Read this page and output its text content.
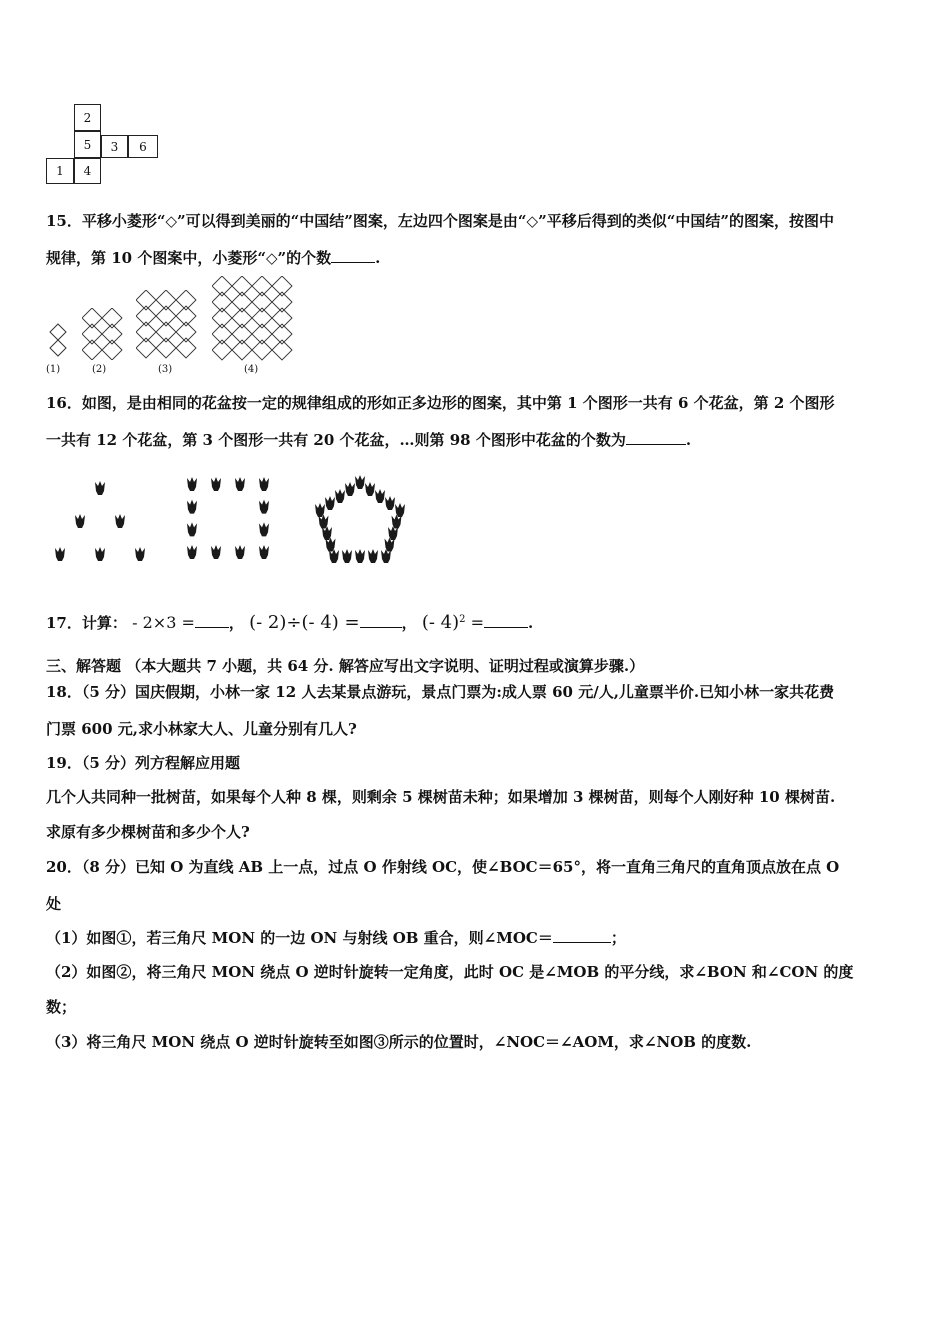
2
5	3	6
1	4
15．平移小菱形“◇”可以得到美丽的“中国结”图案，左边四个图案是由“◇”平移后得到的类似“中国结”的图案，按图中
规律，第 10 个图案中，小菱形“◇”的个数	.
(1)	(2)	(3)	(4)
16．如图，是由相同的花盆按一定的规律组成的形如正多边形的图案，其中第 1 个图形一共有 6 个花盆，第 2 个图形
一共有 12 个花盆，第 3 个图形一共有 20 个花盆，…则第 98 个图形中花盆的个数为	.
17．计算： - 2×3 = ， (- 2)÷(- 4) =	， (- 4)$^2$ =	.
三、解答题 （本大题共 7 小题，共 64 分. 解答应写出文字说明、证明过程或演算步骤.）
18．（5 分）国庆假期，小林一家 12 人去某景点游玩，景点门票为:成人票 60 元/人,儿童票半价.已知小林一家共花费
门票 600 元,求小林家大人、儿童分别有几人?
19．（5 分）列方程解应用题
几个人共同种一批树苗，如果每个人种 8 棵，则剩余 5 棵树苗未种；如果增加 3 棵树苗，则每个人刚好种 10 棵树苗.
求原有多少棵树苗和多少个人?
20．（8 分）已知 O 为直线 AB 上一点，过点 O 作射线 OC，使∠BOC＝65°，将一直角三角尺的直角顶点放在点 O
处
（1）如图①，若三角尺 MON 的一边 ON 与射线 OB 重合，则∠MOC＝	；
（2）如图②，将三角尺 MON 绕点 O 逆时针旋转一定角度，此时 OC 是∠MOB 的平分线，求∠BON 和∠CON 的度
数；
（3）将三角尺 MON 绕点 O 逆时针旋转至如图③所示的位置时，∠NOC＝∠AOM，求∠NOB 的度数.
